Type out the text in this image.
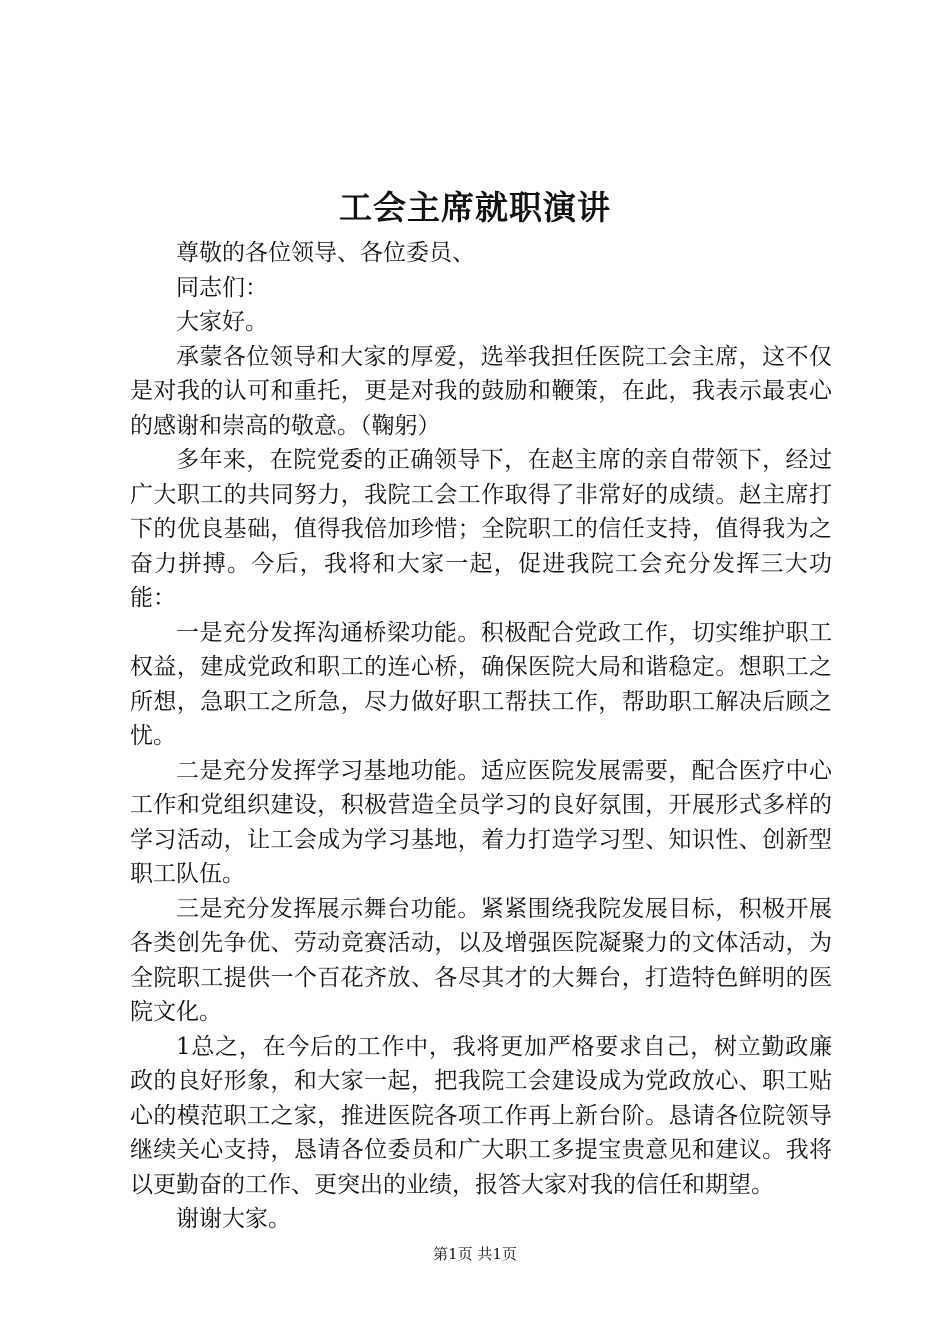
工会主席就职演讲

尊敬的各位领导、各位委员、

同志们：

大家好。

承蒙各位领导和大家的厚爱，选举我担任医院工会主席，这不仅是对我的认可和重托，更是对我的鼓励和鞭策，在此，我表示最衷心的感谢和崇高的敬意。（鞠躬）

多年来，在院党委的正确领导下，在赵主席的亲自带领下，经过广大职工的共同努力，我院工会工作取得了非常好的成绩。赵主席打下的优良基础，值得我倍加珍惜；全院职工的信任支持，值得我为之奋力拼搏。今后，我将和大家一起，促进我院工会充分发挥三大功能：

一是充分发挥沟通桥梁功能。积极配合党政工作，切实维护职工权益，建成党政和职工的连心桥，确保医院大局和谐稳定。想职工之所想，急职工之所急，尽力做好职工帮扶工作，帮助职工解决后顾之忧。

二是充分发挥学习基地功能。适应医院发展需要，配合医疗中心工作和党组织建设，积极营造全员学习的良好氛围，开展形式多样的学习活动，让工会成为学习基地，着力打造学习型、知识性、创新型职工队伍。

三是充分发挥展示舞台功能。紧紧围绕我院发展目标，积极开展各类创先争优、劳动竞赛活动，以及增强医院凝聚力的文体活动，为全院职工提供一个百花齐放、各尽其才的大舞台，打造特色鲜明的医院文化。

1总之，在今后的工作中，我将更加严格要求自己，树立勤政廉政的良好形象，和大家一起，把我院工会建设成为党政放心、职工贴心的模范职工之家，推进医院各项工作再上新台阶。恳请各位院领导继续关心支持，恳请各位委员和广大职工多提宝贵意见和建议。我将以更勤奋的工作、更突出的业绩，报答大家对我的信任和期望。

谢谢大家。

第1页 共1页
